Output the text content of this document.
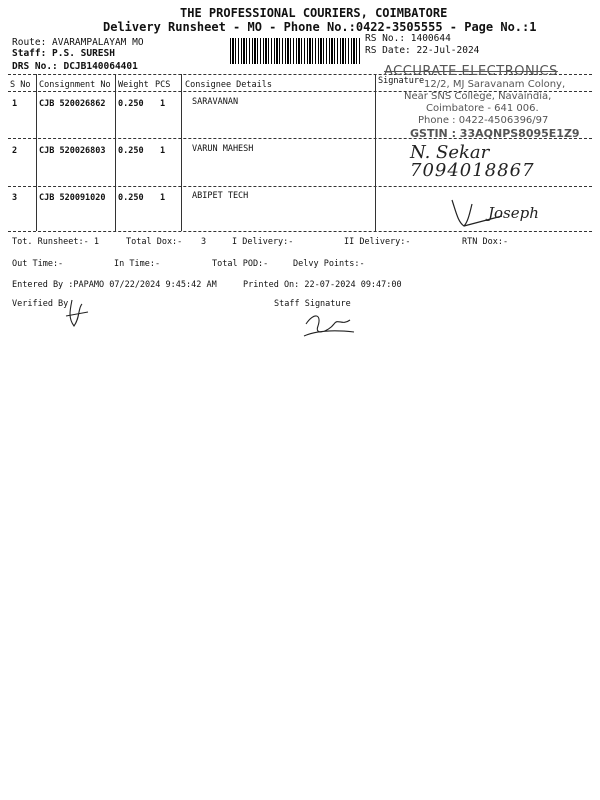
THE PROFESSIONAL COURIERS, COIMBATORE
Delivery Runsheet - MO - Phone No.:0422-3505555 - Page No.:1
Route: AVARAMPALAYAM MO
Staff: P.S. SURESH
DRS No.: DCJB140064401
RS No.: 1400644
RS Date: 22-Jul-2024
S No Consignment No Weight PCS Consignee Details	Signature
1	CJB 520026862 0.250 1	SARAVANAN
2	CJB 520026803 0.250 1	VARUN MAHESH
3	CJB 520091020 0.250 1	ABIPET TECH
ACCURATE ELECTRONICS
12/2, MJ Saravanam Colony,
Near SNS College, Navaindia,
Coimbatore - 641 006.
Phone : 0422-4506396/97
GSTIN : 33AQNPS8095E1Z9
N. Sekar
7094018867
Joseph
Tot. Runsheet:- 1	Total Dox:- 3	I Delivery:-	II Delivery:-	RTN Dox:-
Out Time:-	In Time:-	Total POD:-	Delvy Points:-
Entered By :PAPAMO 07/22/2024 9:45:42 AM	Printed On: 22-07-2024 09:47:00
Verified By	Staff Signature
